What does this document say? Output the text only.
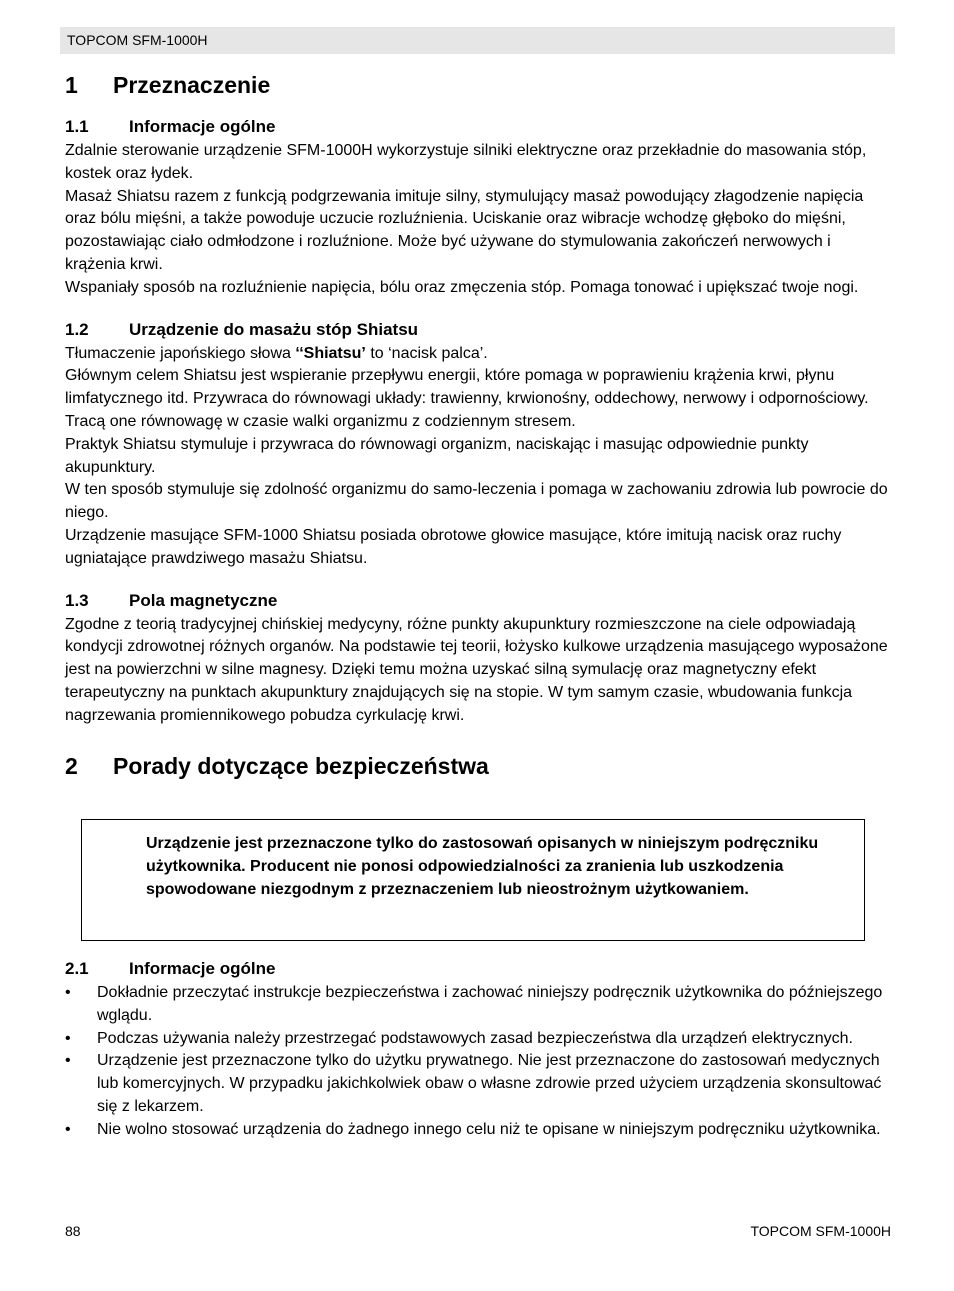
TOPCOM SFM-1000H
1	Przeznaczenie
1.1	Informacje ogólne

Zdalnie sterowanie urządzenie SFM-1000H wykorzystuje silniki elektryczne oraz przekładnie do masowania stóp, kostek oraz łydek.

Masaż Shiatsu razem z funkcją podgrzewania imituje silny, stymulujący masaż powodujący złagodzenie napięcia oraz bólu mięśni, a także powoduje uczucie rozluźnienia. Uciskanie oraz wibracje wchodzę głęboko do mięśni, pozostawiając ciało odmłodzone i rozluźnione. Może być używane do stymulowania zakończeń nerwowych i krążenia krwi.

Wspaniały sposób na rozluźnienie napięcia, bólu oraz zmęczenia stóp. Pomaga tonować i upiększać twoje nogi.

1.2	Urządzenie do masażu stóp Shiatsu

Tłumaczenie japońskiego słowa ‘‘Shiatsu’ to ‘nacisk palca’.

Głównym celem Shiatsu jest wspieranie przepływu energii, które pomaga w poprawieniu krążenia krwi, płynu limfatycznego itd. Przywraca do równowagi układy: trawienny, krwionośny, oddechowy, nerwowy i odpornościowy. Tracą one równowagę w czasie walki organizmu z codziennym stresem.

Praktyk Shiatsu stymuluje i przywraca do równowagi organizm, naciskając i masując odpowiednie punkty akupunktury.

W ten sposób stymuluje się zdolność organizmu do samo-leczenia i pomaga w zachowaniu zdrowia lub powrocie do niego.

Urządzenie masujące SFM-1000 Shiatsu posiada obrotowe głowice masujące, które imitują nacisk oraz ruchy ugniatające prawdziwego masażu Shiatsu.

1.3	Pola magnetyczne

Zgodne z teorią tradycyjnej chińskiej medycyny, różne punkty akupunktury rozmieszczone na ciele odpowiadają kondycji zdrowotnej różnych organów. Na podstawie tej teorii, łożysko kulkowe urządzenia masującego wyposażone jest na powierzchni w silne magnesy. Dzięki temu można uzyskać silną symulację oraz magnetyczny efekt terapeutyczny na punktach akupunktury znajdujących się na stopie. W tym samym czasie, wbudowania funkcja nagrzewania promiennikowego pobudza cyrkulację krwi.

2	Porady dotyczące bezpieczeństwa
Urządzenie jest przeznaczone tylko do zastosowań opisanych w niniejszym podręczniku użytkownika. Producent nie ponosi odpowiedzialności za zranienia lub uszkodzenia spowodowane niezgodnym z przeznaczeniem lub nieostrożnym użytkowaniem.
2.1	Informacje ogólne
• Dokładnie przeczytać instrukcje bezpieczeństwa i zachować niniejszy podręcznik użytkownika do późniejszego wglądu.
• Podczas używania należy przestrzegać podstawowych zasad bezpieczeństwa dla urządzeń elektrycznych.
• Urządzenie jest przeznaczone tylko do użytku prywatnego. Nie jest przeznaczone do zastosowań medycznych lub komercyjnych. W przypadku jakichkolwiek obaw o własne zdrowie przed użyciem urządzenia skonsultować się z lekarzem.
• Nie wolno stosować urządzenia do żadnego innego celu niż te opisane w niniejszym podręczniku użytkownika.
88	TOPCOM SFM-1000H
